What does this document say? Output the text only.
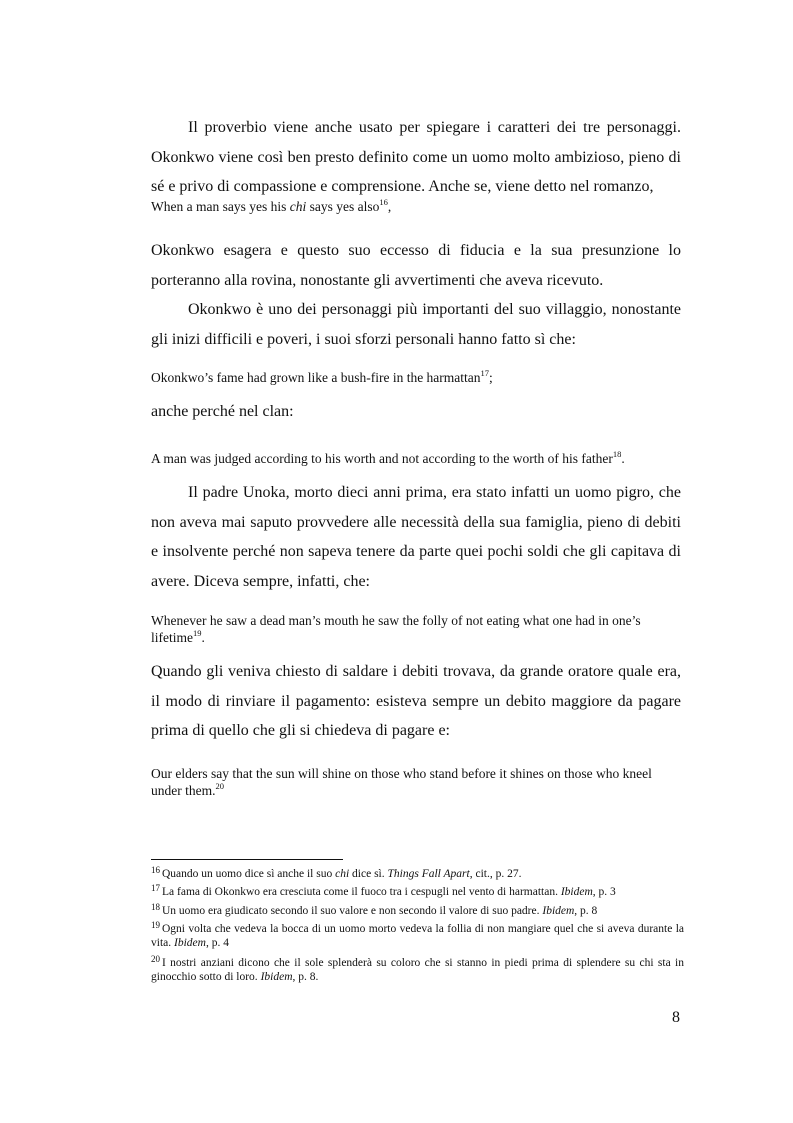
Il proverbio viene anche usato per spiegare i caratteri dei tre personaggi. Okonkwo viene così ben presto definito come un uomo molto ambizioso, pieno di sé e privo di compassione e comprensione. Anche se, viene detto nel romanzo,

When a man says yes his chi says yes also$^{16}$,

Okonkwo esagera e questo suo eccesso di fiducia e la sua presunzione lo porteranno alla rovina, nonostante gli avvertimenti che aveva ricevuto.

Okonkwo è uno dei personaggi più importanti del suo villaggio, nonostante gli inizi difficili e poveri, i suoi sforzi personali hanno fatto sì che:

Okonkwo’s fame had grown like a bush-fire in the harmattan$^{17}$;

anche perché nel clan:

A man was judged according to his worth and not according to the worth of his father$^{18}$.

Il padre Unoka, morto dieci anni prima, era stato infatti un uomo pigro, che non aveva mai saputo provvedere alle necessità della sua famiglia, pieno di debiti e insolvente perché non sapeva tenere da parte quei pochi soldi che gli capitava di avere. Diceva sempre, infatti, che:

Whenever he saw a dead man’s mouth he saw the folly of not eating what one had in one’s lifetime$^{19}$.

Quando gli veniva chiesto di saldare i debiti trovava, da grande oratore quale era, il modo di rinviare il pagamento: esisteva sempre un debito maggiore da pagare prima di quello che gli si chiedeva di pagare e:

Our elders say that the sun will shine on those who stand before it shines on those who kneel under them.$^{20}$

$^{16}$ Quando un uomo dice sì anche il suo chi dice sì. Things Fall Apart, cit., p. 27.
$^{17}$ La fama di Okonkwo era cresciuta come il fuoco tra i cespugli nel vento di harmattan. Ibidem, p. 3
$^{18}$ Un uomo era giudicato secondo il suo valore e non secondo il valore di suo padre. Ibidem, p. 8
$^{19}$ Ogni volta che vedeva la bocca di un uomo morto vedeva la follia di non mangiare quel che si aveva durante la vita. Ibidem, p. 4
$^{20}$ I nostri anziani dicono che il sole splenderà su coloro che si stanno in piedi prima di splendere su chi sta in ginocchio sotto di loro. Ibidem, p. 8.
8
